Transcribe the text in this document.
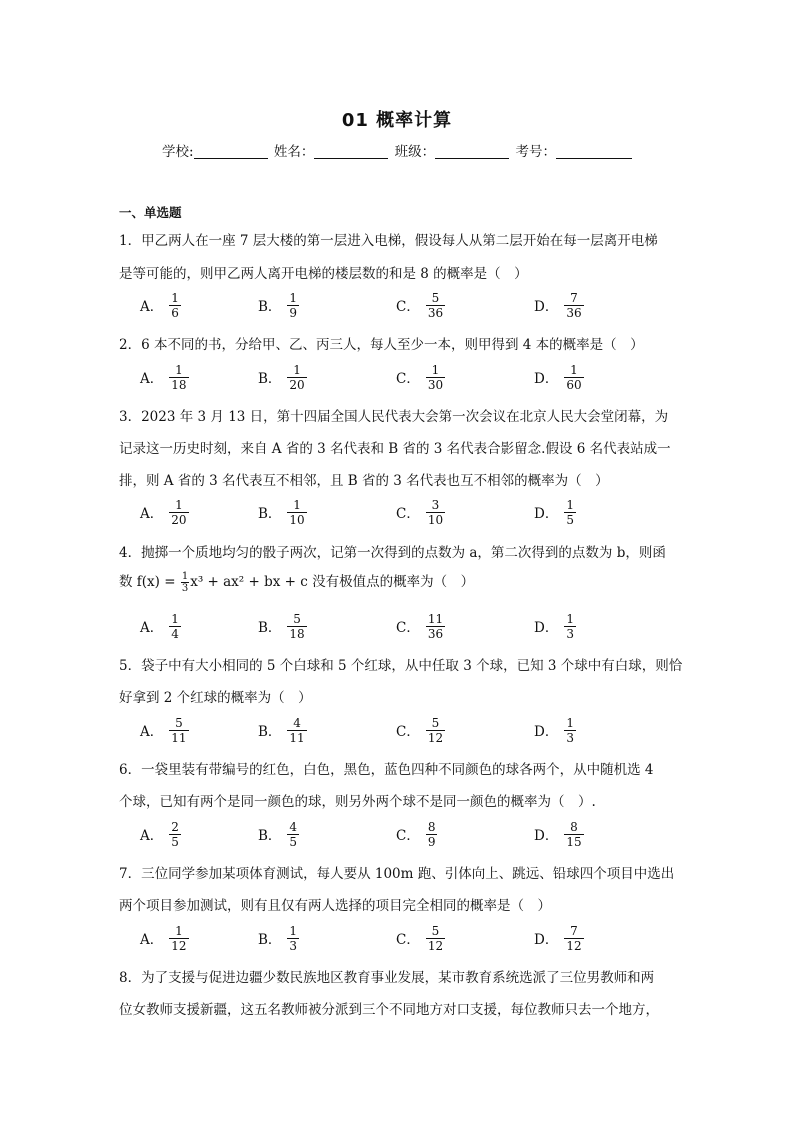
01 概率计算
学校:	姓名：	班级：	考号：
一、单选题
1．甲乙两人在一座 7 层大楼的第一层进入电梯，假设每人从第二层开始在每一层离开电梯
是等可能的，则甲乙两人离开电梯的楼层数的和是 8 的概率是（　）
A． $\frac{1}{6}$	B． $\frac{1}{9}$	C． $\frac{5}{36}$	D． $\frac{7}{36}$
2．6 本不同的书，分给甲、乙、丙三人，每人至少一本，则甲得到 4 本的概率是（　）
A． $\frac{1}{18}$	B． $\frac{1}{20}$	C． $\frac{1}{30}$	D． $\frac{1}{60}$
3．2023 年 3 月 13 日，第十四届全国人民代表大会第一次会议在北京人民大会堂闭幕，为
记录这一历史时刻，来自 A 省的 3 名代表和 B 省的 3 名代表合影留念.假设 6 名代表站成一
排，则 A 省的 3 名代表互不相邻，且 B 省的 3 名代表也互不相邻的概率为（　）
A． $\frac{1}{20}$	B． $\frac{1}{10}$	C． $\frac{3}{10}$	D． $\frac{1}{5}$
4．抛掷一个质地均匀的骰子两次，记第一次得到的点数为 a，第二次得到的点数为 b，则函
数 $f(x) = \frac{1}{3} x^3 + ax^2$ + bx + c 没有极值点的概率为（　）
A． $\frac{1}{4}$	B． $\frac{5}{18}$	C． $\frac{11}{36}$	D． $\frac{1}{3}$
5．袋子中有大小相同的 5 个白球和 5 个红球，从中任取 3 个球，已知 3 个球中有白球，则恰
好拿到 2 个红球的概率为（　）
A． $\frac{5}{11}$	B． $\frac{4}{11}$	C． $\frac{5}{12}$	D． $\frac{1}{3}$
6．一袋里装有带编号的红色，白色，黑色，蓝色四种不同颜色的球各两个，从中随机选 4
个球，已知有两个是同一颜色的球，则另外两个球不是同一颜色的概率为（　）.
A． $\frac{2}{5}$	B． $\frac{4}{5}$	C． $\frac{8}{9}$	D． $\frac{8}{15}$
7．三位同学参加某项体育测试，每人要从 100m 跑、引体向上、跳远、铅球四个项目中选出
两个项目参加测试，则有且仅有两人选择的项目完全相同的概率是（　）
A． $\frac{1}{12}$	B． $\frac{1}{3}$	C． $\frac{5}{12}$	D． $\frac{7}{12}$
8．为了支援与促进边疆少数民族地区教育事业发展，某市教育系统选派了三位男教师和两
位女教师支援新疆，这五名教师被分派到三个不同地方对口支援，每位教师只去一个地方，
